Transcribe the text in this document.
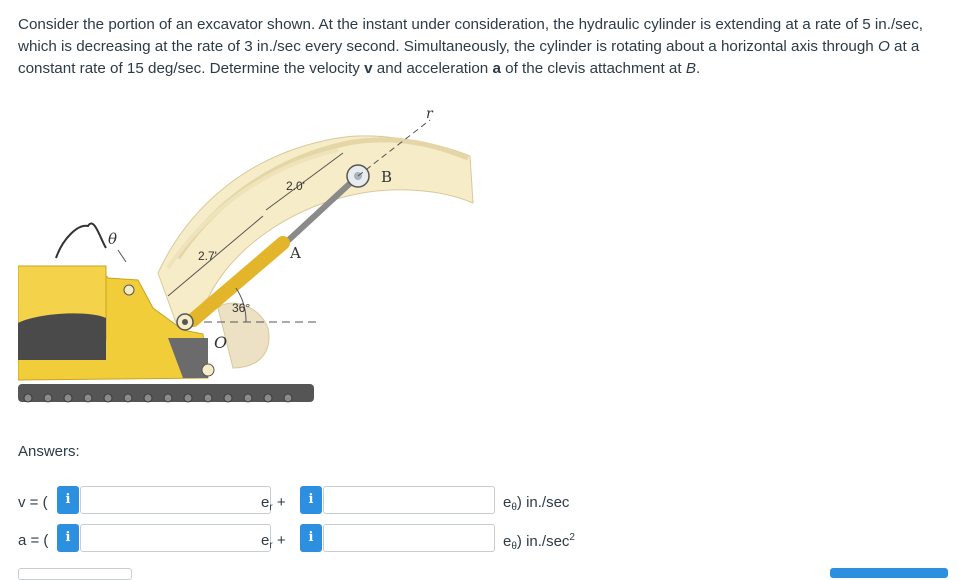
Consider the portion of an excavator shown. At the instant under consideration, the hydraulic cylinder is extending at a rate of 5 in./sec, which is decreasing at the rate of 3 in./sec every second. Simultaneously, the cylinder is rotating about a horizontal axis through O at a constant rate of 15 deg/sec. Determine the velocity v and acceleration a of the clevis attachment at B.
r
B
A
O
θ
2.0'
2.7'
36°
Answers:
v = (	i	$e_r$ +	i	$e_\theta$) in./sec
a = (	i	$e_r$ +	i	$e_\theta$) $in./\sec^2$
